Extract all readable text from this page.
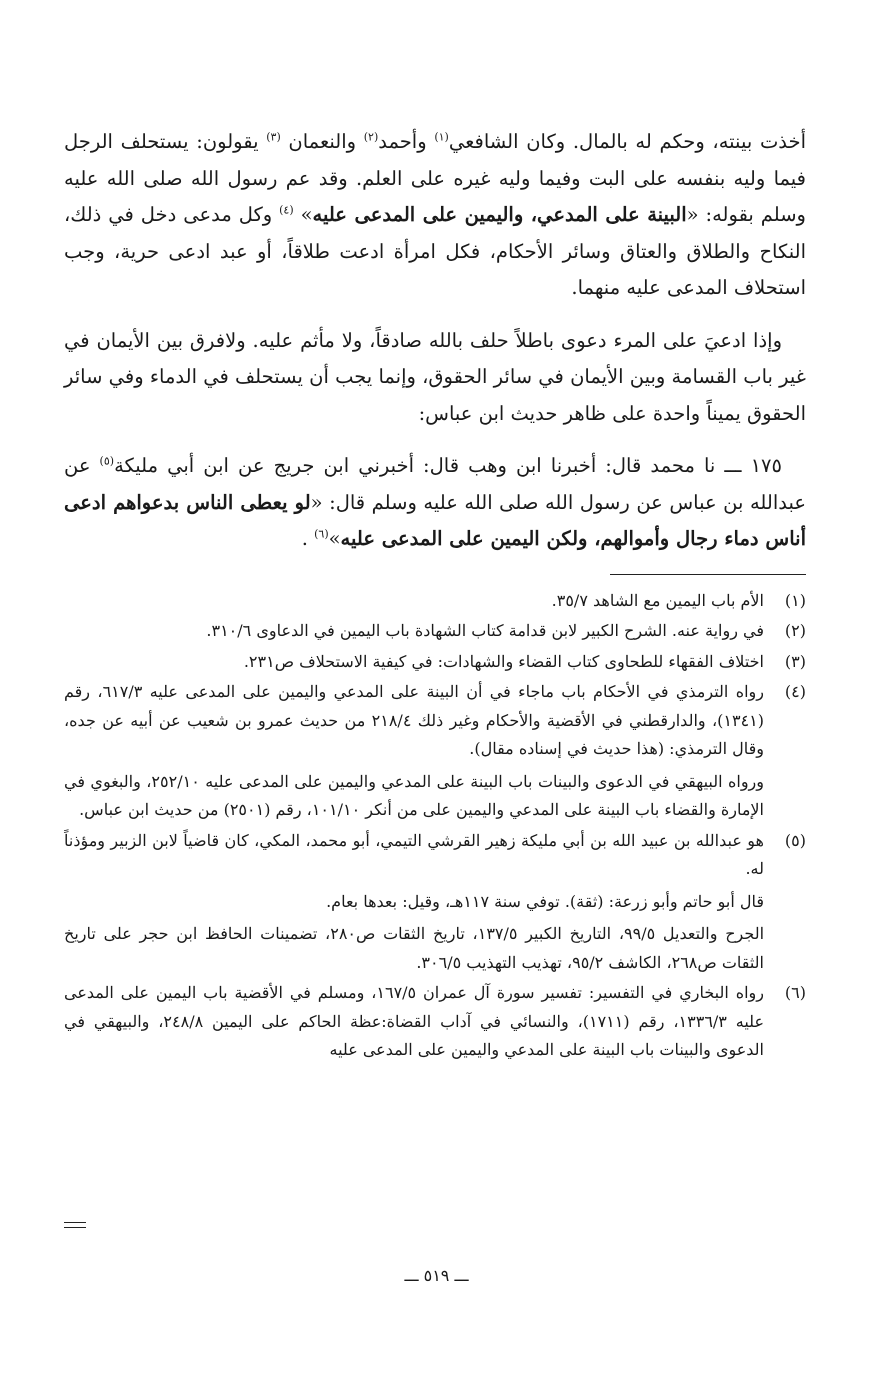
أخذت بينته، وحكم له بالمال. وكان الشافعي$^{(١)}$ وأحمد$^{(٢)}$ والنعمان $^{(٣)}$ يقولون: يستحلف الرجل فيما وليه بنفسه على البت وفيما وليه غيره على العلم. وقد عم رسول الله صلى الله عليه وسلم بقوله: «البينة على المدعي، واليمين على المدعى عليه» $^{(٤)}$ وكل مدعى دخل في ذلك، النكاح والطلاق والعتاق وسائر الأحكام، فكل امرأة ادعت طلاقاً، أو عبد ادعى حرية، وجب استحلاف المدعى عليه منهما.

وإذا ادعيَ على المرء دعوى باطلاً حلف بالله صادقاً، ولا مأثم عليه. ولافرق بين الأيمان في غير باب القسامة وبين الأيمان في سائر الحقوق، وإنما يجب أن يستحلف في الدماء وفي سائر الحقوق يميناً واحدة على ظاهر حديث ابن عباس:

١٧٥ ـــ نا محمد قال: أخبرنا ابن وهب قال: أخبرني ابن جريج عن ابن أبي مليكة$^{(٥)}$ عن عبدالله بن عباس عن رسول الله صلى الله عليه وسلم قال: «لو يعطى الناس بدعواهم ادعى أناس دماء رجال وأموالهم، ولكن اليمين على المدعى عليه»$^{(٦)}$ .

(١)

الأم باب اليمين مع الشاهد ٣٥/٧.

(٢)

في رواية عنه. الشرح الكبير لابن قدامة كتاب الشهادة باب اليمين في الدعاوى ٣١٠/٦.

(٣)

اختلاف الفقهاء للطحاوى كتاب القضاء والشهادات: في كيفية الاستحلاف ص٢٣١.

(٤)

رواه الترمذي في الأحكام باب ماجاء في أن البينة على المدعي واليمين على المدعى عليه ٦١٧/٣، رقم (١٣٤١)، والدارقطني في الأقضية والأحكام وغير ذلك ٢١٨/٤ من حديث عمرو بن شعيب عن أبيه عن جده، وقال الترمذي: (هذا حديث في إسناده مقال).

ورواه البيهقي في الدعوى والبينات باب البينة على المدعي واليمين على المدعى عليه ٢٥٢/١٠، والبغوي في الإمارة والقضاء باب البينة على المدعي واليمين على من أنكر ١٠١/١٠، رقم (٢٥٠١) من حديث ابن عباس.

(٥)

هو عبدالله بن عبيد الله بن أبي مليكة زهير القرشي التيمي، أبو محمد، المكي، كان قاضياً لابن الزبير ومؤذناً له.

قال أبو حاتم وأبو زرعة: (ثقة). توفي سنة ١١٧هـ، وقيل: بعدها بعام.

الجرح والتعديل ٩٩/٥، التاريخ الكبير ١٣٧/٥، تاريخ الثقات ص٢٨٠، تضمينات الحافظ ابن حجر على تاريخ الثقات ص٢٦٨، الكاشف ٩٥/٢، تهذيب التهذيب ٣٠٦/٥.

(٦)

رواه البخاري في التفسير: تفسير سورة آل عمران ١٦٧/٥، ومسلم في الأقضية باب اليمين على المدعى عليه ١٣٣٦/٣، رقم (١٧١١)، والنسائي في آداب القضاة:عظة الحاكم على اليمين ٢٤٨/٨، والبيهقي في الدعوى والبينات باب البينة على المدعي واليمين على المدعى عليه

ـــ ٥١٩ ـــ
